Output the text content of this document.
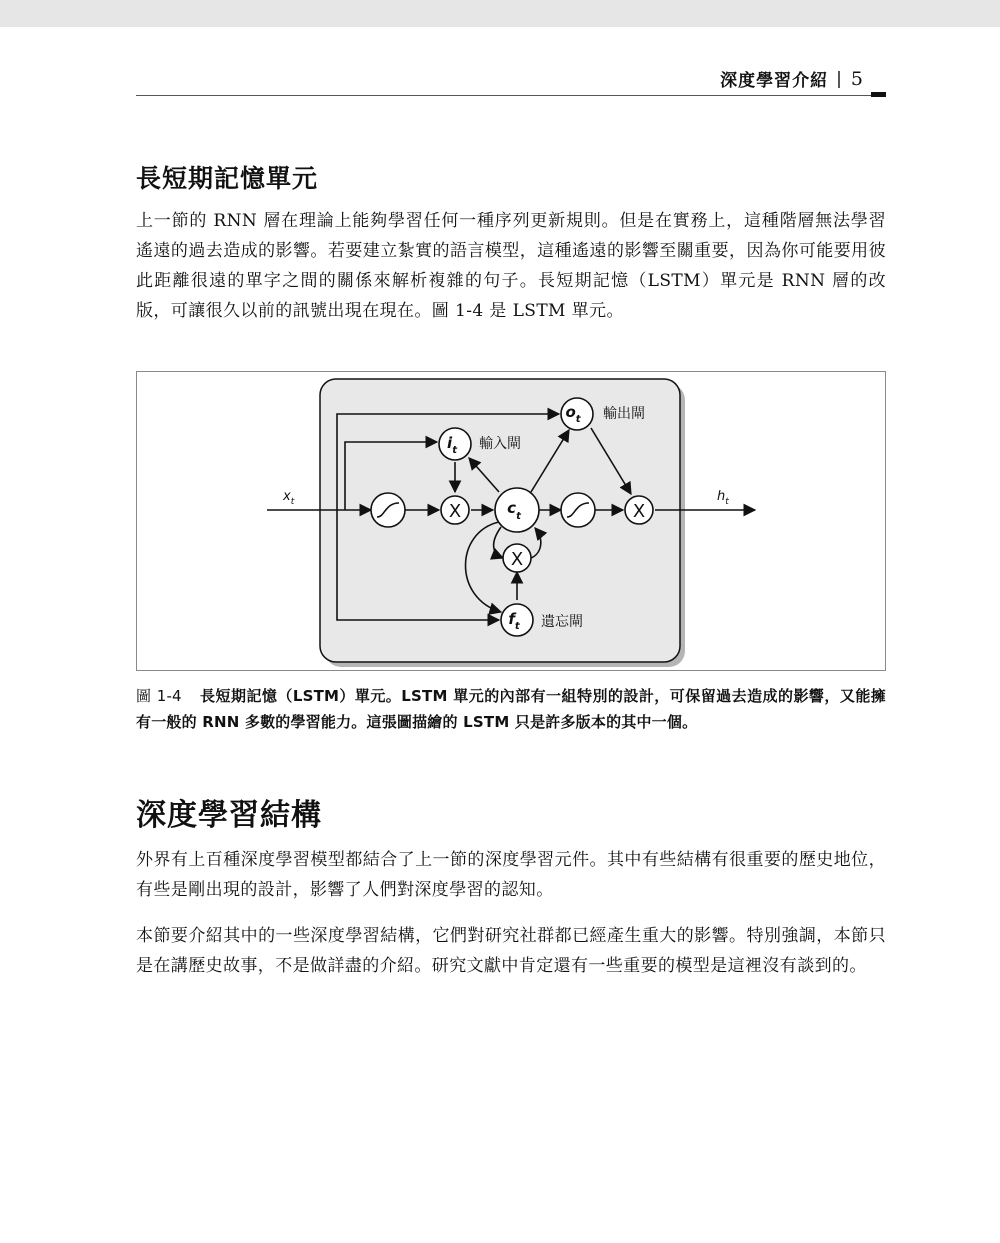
深度學習介紹 | 5
長短期記憶單元

上一節的 RNN 層在理論上能夠學習任何一種序列更新規則。但是在實務上，這種階層無法學習遙遠的過去造成的影響。若要建立紮實的語言模型，這種遙遠的影響至關重要，因為你可能要用彼此距離很遠的單字之間的關係來解析複雜的句子。長短期記憶（LSTM）單元是 RNN 層的改版，可讓很久以前的訊號出現在現在。圖 1-4 是 LSTM 單元。

X	X
X
$c_t$
$i_t$
$o_t$
$f_t$
$x_t$	$h_t$
輸入閘
輸出閘
遺忘閘

圖 1-4 長短期記憶（LSTM）單元。LSTM 單元的內部有一組特別的設計，可保留過去造成的影響，又能擁有一般的 RNN 多數的學習能力。這張圖描繪的 LSTM 只是許多版本的其中一個。

深度學習結構

外界有上百種深度學習模型都結合了上一節的深度學習元件。其中有些結構有很重要的歷史地位，有些是剛出現的設計，影響了人們對深度學習的認知。

本節要介紹其中的一些深度學習結構，它們對研究社群都已經產生重大的影響。特別強調，本節只是在講歷史故事，不是做詳盡的介紹。研究文獻中肯定還有一些重要的模型是這裡沒有談到的。
